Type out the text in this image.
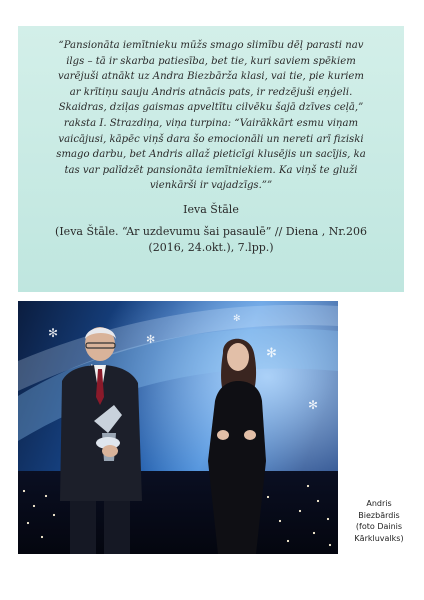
“Pansionāta iemītnieku mūžs smago slimību dēļ parasti nav
ilgs – tā ir skarba patiesība, bet tie, kuri saviem spēkiem
varējuši atnākt uz Andra Biezbārža klasi, vai tie, pie kuriem
ar krītiņu sauju Andris atnācis pats, ir redzējuši eņģeli.
Skaidras, dziļas gaismas apveltītu cilvēku šajā dzīves ceļā,”
raksta I. Strazdiņa, viņa turpina: “Vairākkārt esmu viņam
vaicājusi, kāpēc viņš dara šo emocionāli un nereti arī fiziski
smago darbu, bet Andris allaž pieticīgi klusējis un sacījis, ka
tas var palīdzēt pansionāta iemītniekiem. Ka viņš te gluži
vienkārši ir vajadzīgs.””

Ieva Štāle

(Ieva Štāle. “Ar uzdevumu šai pasaulē” // Diena , Nr.206 (2016, 24.okt.), 7.lpp.)

✻	✻
✻
✻
✻
Andris
Biezbārdis
(foto Dainis
Kārkluvalks)
